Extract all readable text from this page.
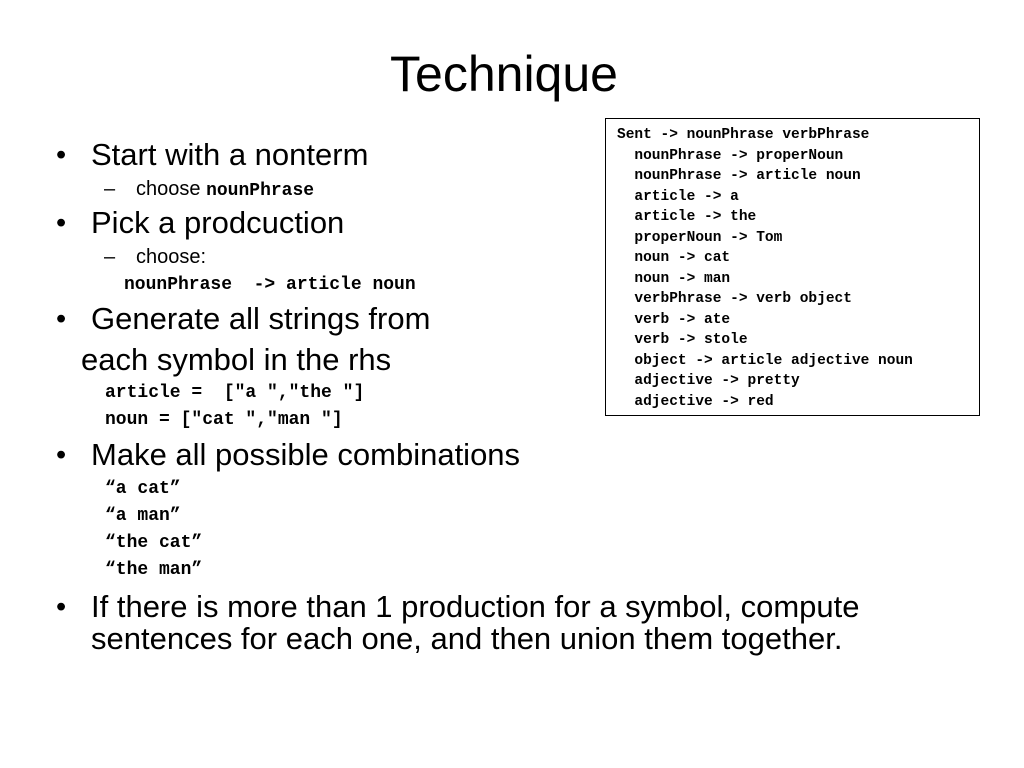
Technique
• Start with a nonterm

– choose nounPhrase

• Pick a prodcuction

– choose:

nounPhrase  -> article noun

• Generate all strings from

each symbol in the rhs

article =  ["a ","the "]

noun = ["cat ","man "]

• Make all possible combinations

“a cat”

“a man”

“the cat”

“the man”

• If there is more than 1 production for a symbol, compute

sentences for each one, and then union them together.

Sent -> nounPhrase verbPhrase
nounPhrase -> properNoun
nounPhrase -> article noun
article -> a
article -> the
properNoun -> Tom
noun -> cat
noun -> man
verbPhrase -> verb object
verb -> ate
verb -> stole
object -> article adjective noun
adjective -> pretty
adjective -> red
